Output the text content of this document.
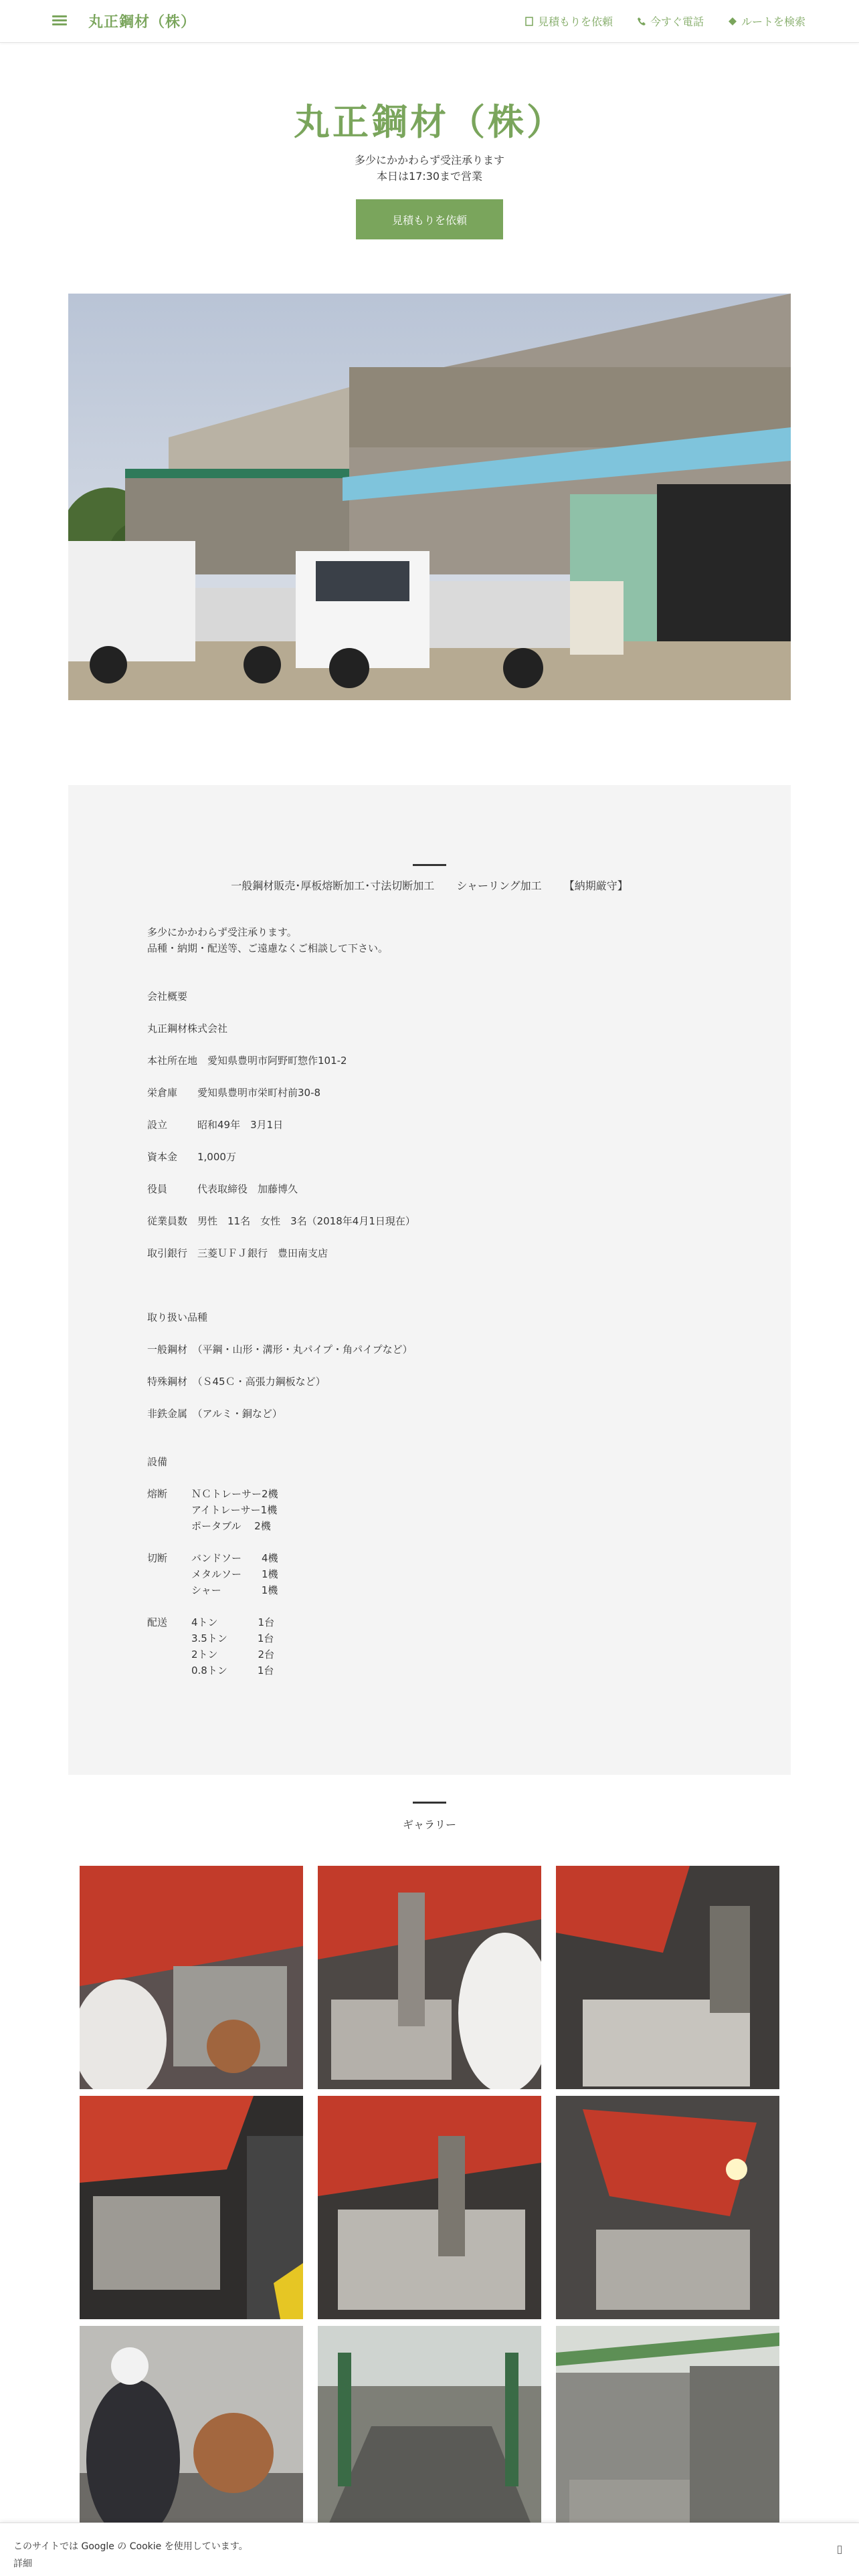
丸正鋼材（株）	見積もりを依頼	今すぐ電話	ルートを検索
丸正鋼材（株）
多少にかかわらず受注承ります
本日は17:30まで営業
見積もりを依頼
一般鋼材販売･厚板熔断加工･寸法切断加工 シャーリング加工 【納期厳守】
多少にかかわらず受注承ります。
品種・納期・配送等、ご遠慮なくご相談して下さい。
会社概要
丸正鋼材株式会社
本社所在地　愛知県豊明市阿野町惣作101-2
栄倉庫　　愛知県豊明市栄町村前30-8
設立　　　昭和49年　3月1日
資本金　　1,000万
役員　　　代表取締役　加藤博久
従業員数　男性　11名　女性　3名（2018年4月1日現在）
取引銀行　三菱ＵＦＪ銀行　豊田南支店
取り扱い品種
一般鋼材　（平鋼・山形・溝形・丸パイプ・角パイプなど）
特殊鋼材　（Ｓ45Ｃ・高張力鋼板など）
非鉄金属　（アルミ・銅など）
設備
熔断	ＮＣトレーサー2機
アイトレーサー1機
ポータブル　 2機
切断	バンドソー　　4機
メタルソー　　1機
シャー　　　　1機
配送	4トン　　　　1台
3.5トン　　　1台
2トン　　　　2台
0.8トン　　　1台
ギャラリー
このサイトでは Google の Cookie を使用しています。
詳細
▯
